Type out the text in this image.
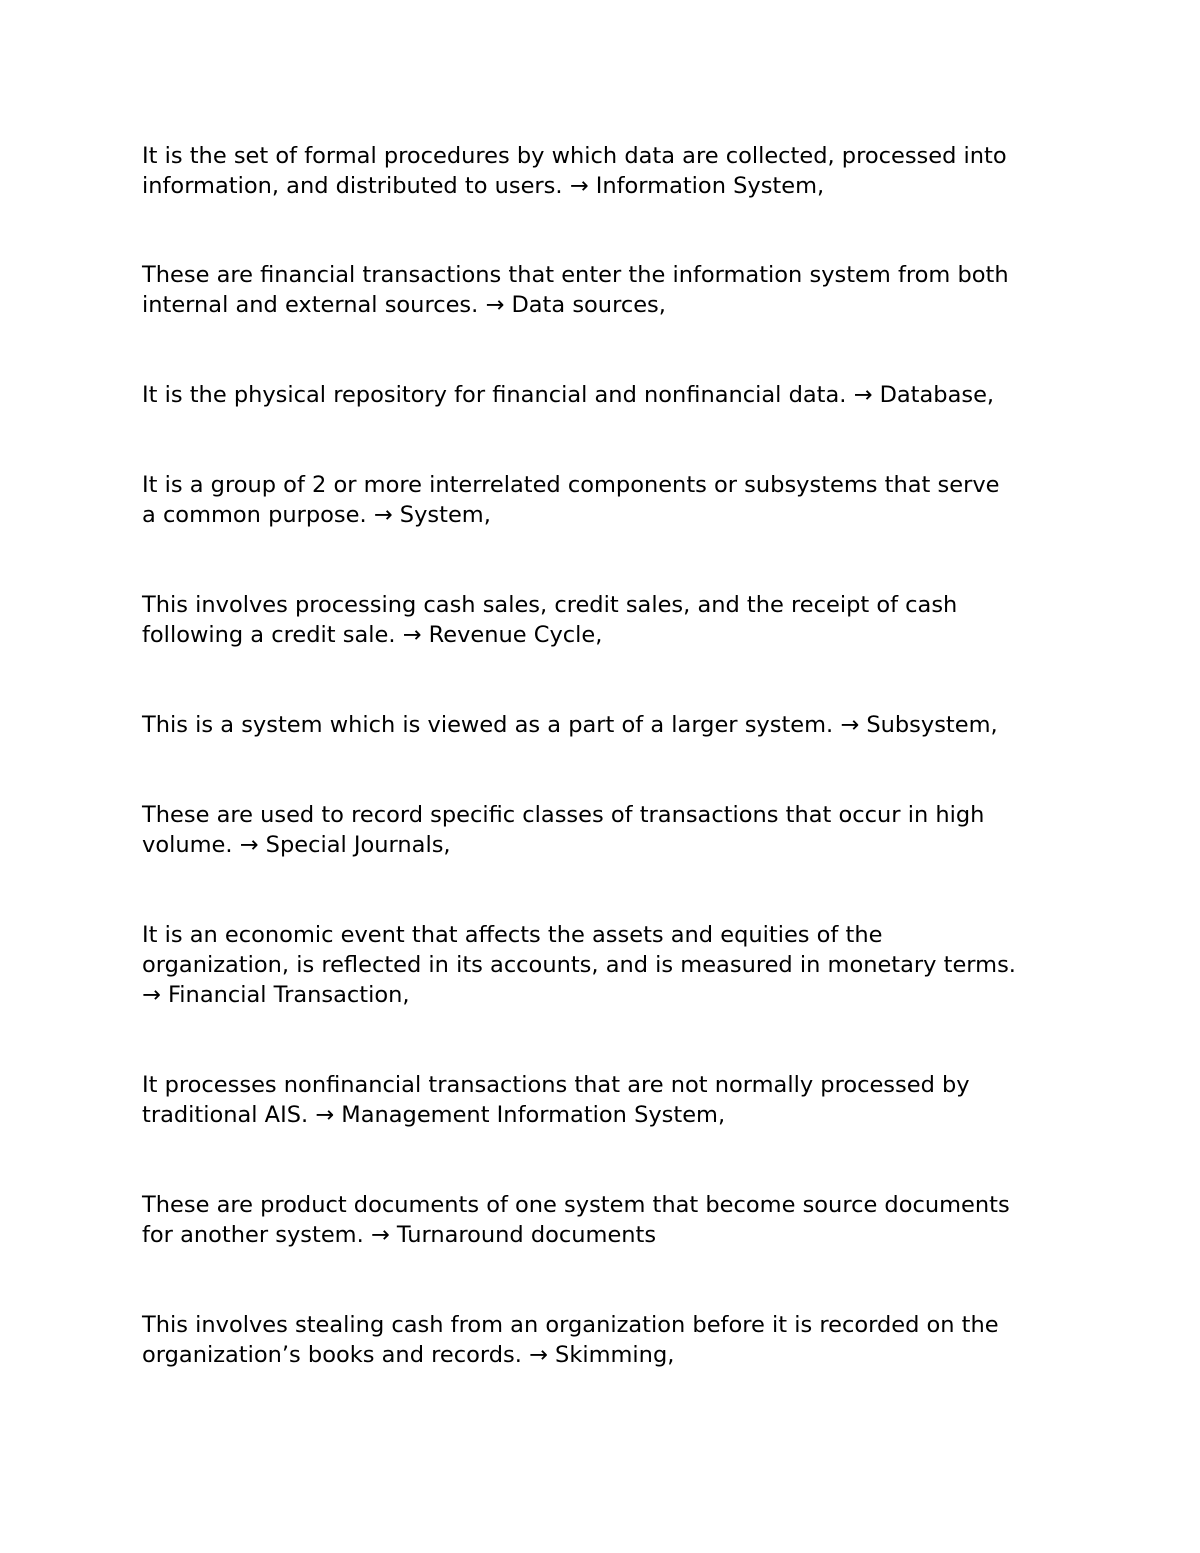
It is the set of formal procedures by which data are collected, processed into
information, and distributed to users. → Information System,

These are financial transactions that enter the information system from both
internal and external sources. → Data sources,

It is the physical repository for financial and nonfinancial data. → Database,

It is a group of 2 or more interrelated components or subsystems that serve
a common purpose. → System,

This involves processing cash sales, credit sales, and the receipt of cash
following a credit sale. → Revenue Cycle,

This is a system which is viewed as a part of a larger system. → Subsystem,

These are used to record specific classes of transactions that occur in high
volume. → Special Journals,

It is an economic event that affects the assets and equities of the
organization, is reflected in its accounts, and is measured in monetary terms.
→ Financial Transaction,

It processes nonfinancial transactions that are not normally processed by
traditional AIS. → Management Information System,

These are product documents of one system that become source documents
for another system. → Turnaround documents

This involves stealing cash from an organization before it is recorded on the
organization’s books and records. → Skimming,
